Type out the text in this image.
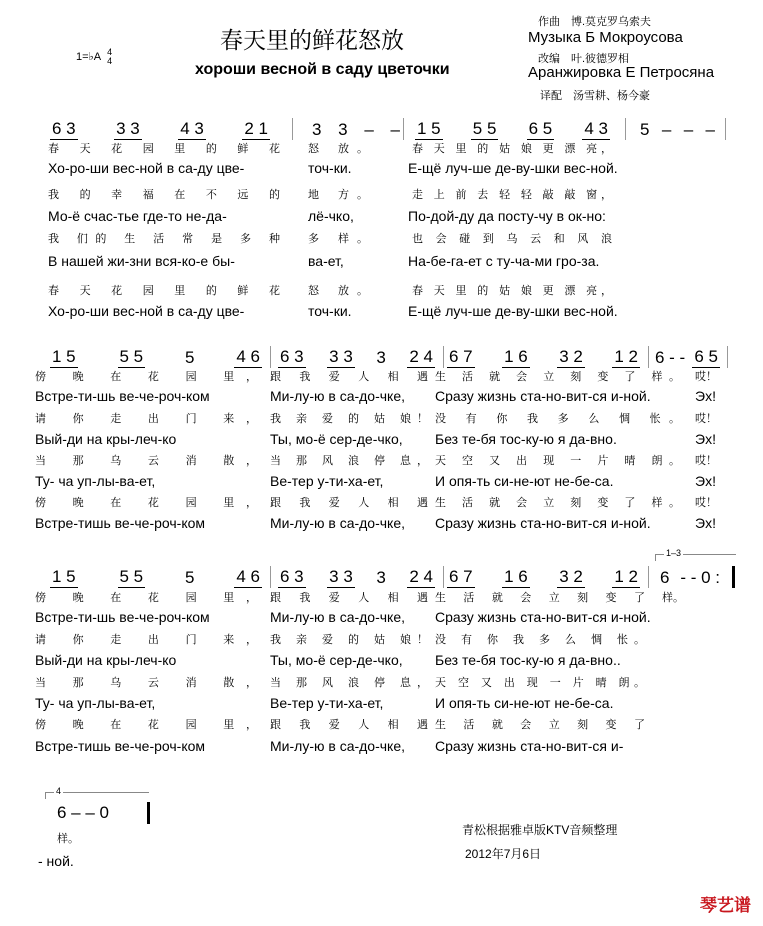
1=♭A 4
4
春天里的鲜花怒放
хороши весной в саду цветочки
作曲　博.莫克罗乌索夫
Музыка Б Мокроусова
改编　叶.彼德罗相
Аранжировка Е Петросяна
译配　汤雪耕、杨今豪
6 3 3 3 4 3 2 1	3 3 – – 1 5 5 5 6 5 4 3 5 – – –
春 天 花 园 里 的 鲜 花	怒 放。	春 天 里 的 姑 娘 更 漂 亮，
Хо-ро-ши вес-ной в са-ду цве-	точ-ки.	Е-щё луч-ше де-ву-шки вес-ной.
我 的 幸 福 在 不 远 的	地 方。	走 上 前 去 轻 轻 敲 敲 窗，
Мо-ё счас-тье где-то не-да-	лё-чко,	По-дой-ду да посту-чу в ок-но:
我 们的 生 活 常 是 多 种	多 样。	也 会 碰 到 乌 云 和 风 浪
В нашей жи-зни вся-ко-е бы-	ва-ет,	На-бе-га-ет с ту-ча-ми гро-за.
春 天 花 园 里 的 鲜 花	怒 放。	春 天 里 的 姑 娘 更 漂 亮，
Хо-ро-ши вес-ной в са-ду цве-	точ-ки.	Е-щё луч-ше де-ву-шки вес-ной.
1 5	5 5 5 4 6 6 3 3 3 3 2 4 6 7 1 6 3 2 1 2 6 - - 6 5
傍 晚 在 花 园 里， 跟 我 爱 人 相 遇 生 活 就 会 立 刻 变 了 样。 哎！
Встре-ти-шь ве-че-роч-ком	Ми-лу-ю в са-до-чке, Сразу жизнь ста-но-вит-ся и-ной.	Эх!
请 你 走 出 门 来， 我 亲 爱 的 姑 娘！ 没 有 你 我 多 么 惆 怅。 哎！
Вый-ди на кры-леч-ко	Ты, мо-ё сер-де-чко, Без те-бя тос-ку-ю я да-вно.	Эх!
当 那 乌 云 消 散， 当 那 风 浪 停 息， 天 空 又 出 现 一 片 晴 朗。 哎！
Ту- ча уп-лы-ва-ет,	Ве-тер у-ти-ха-ет,	И опя-ть си-не-ют не-бе-са.	Эх!
傍 晚 在 花 园 里， 跟 我 爱 人 相 遇 生 活 就 会 立 刻 变 了 样。 哎！
Встре-тишь ве-че-роч-ком	Ми-лу-ю в са-до-чке, Сразу жизнь ста-но-вит-ся и-ной.	Эх!
1 5	5 5 5 4 6 6 3 3 3 3 2 4 6 7 1 6 3 2 1 2 6 - - 0 :
1–3
傍 晚 在 花 园 里， 跟 我 爱 人 相 遇 生 活 就 会 立 刻 变 了 样。
Встре-ти-шь ве-че-роч-ком	Ми-лу-ю в са-до-чке, Сразу жизнь ста-но-вит-ся и-ной.
请 你 走 出 门 来， 我 亲 爱 的 姑 娘！ 没 有 你 我 多 么 惆 怅。
Вый-ди на кры-леч-ко	Ты, мо-ё сер-де-чко, Без те-бя тос-ку-ю я да-вно..
当 那 乌 云 消 散， 当 那 风 浪 停 息， 天 空 又 出 现 一 片 晴 朗。
Ту- ча уп-лы-ва-ет,	Ве-тер у-ти-ха-ет,	И опя-ть си-не-ют не-бе-са.
傍 晚 在 花 园 里， 跟 我 爱 人 相 遇 生 活 就 会 立 刻 变 了
Встре-тишь ве-че-роч-ком	Ми-лу-ю в са-до-чке, Сразу жизнь ста-но-вит-ся и-
4
6 – – 0
样。
- ной.
青松根据雅卓版KTV音频整理
2012年7月6日
琴艺谱
